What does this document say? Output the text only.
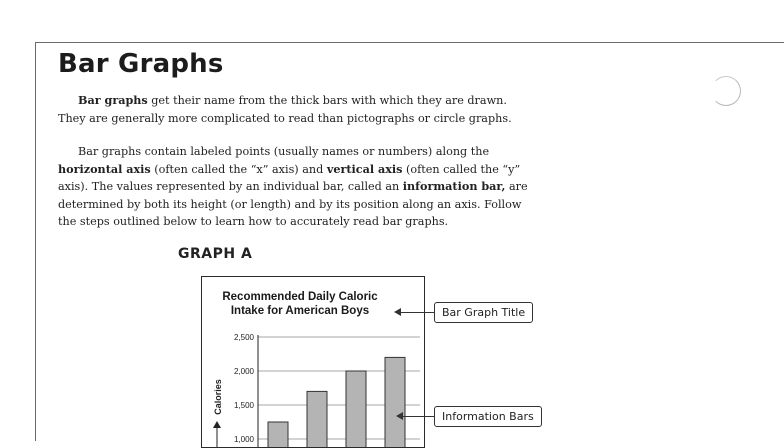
Bar Graphs

Bar graphs get their name from the thick bars with which they are drawn. They are generally more complicated to read than pictographs or circle graphs.

Bar graphs contain labeled points (usually names or numbers) along the horizontal axis (often called the “x” axis) and vertical axis (often called the “y” axis). The values represented by an individual bar, called an information bar, are determined by both its height (or length) and by its position along an axis. Follow the steps outlined below to learn how to accurately read bar graphs.

GRAPH A
Recommended Daily Caloric
Intake for American Boys
1,000
1,500
2,000
2,500
Calories
Bar Graph Title
Information Bars
